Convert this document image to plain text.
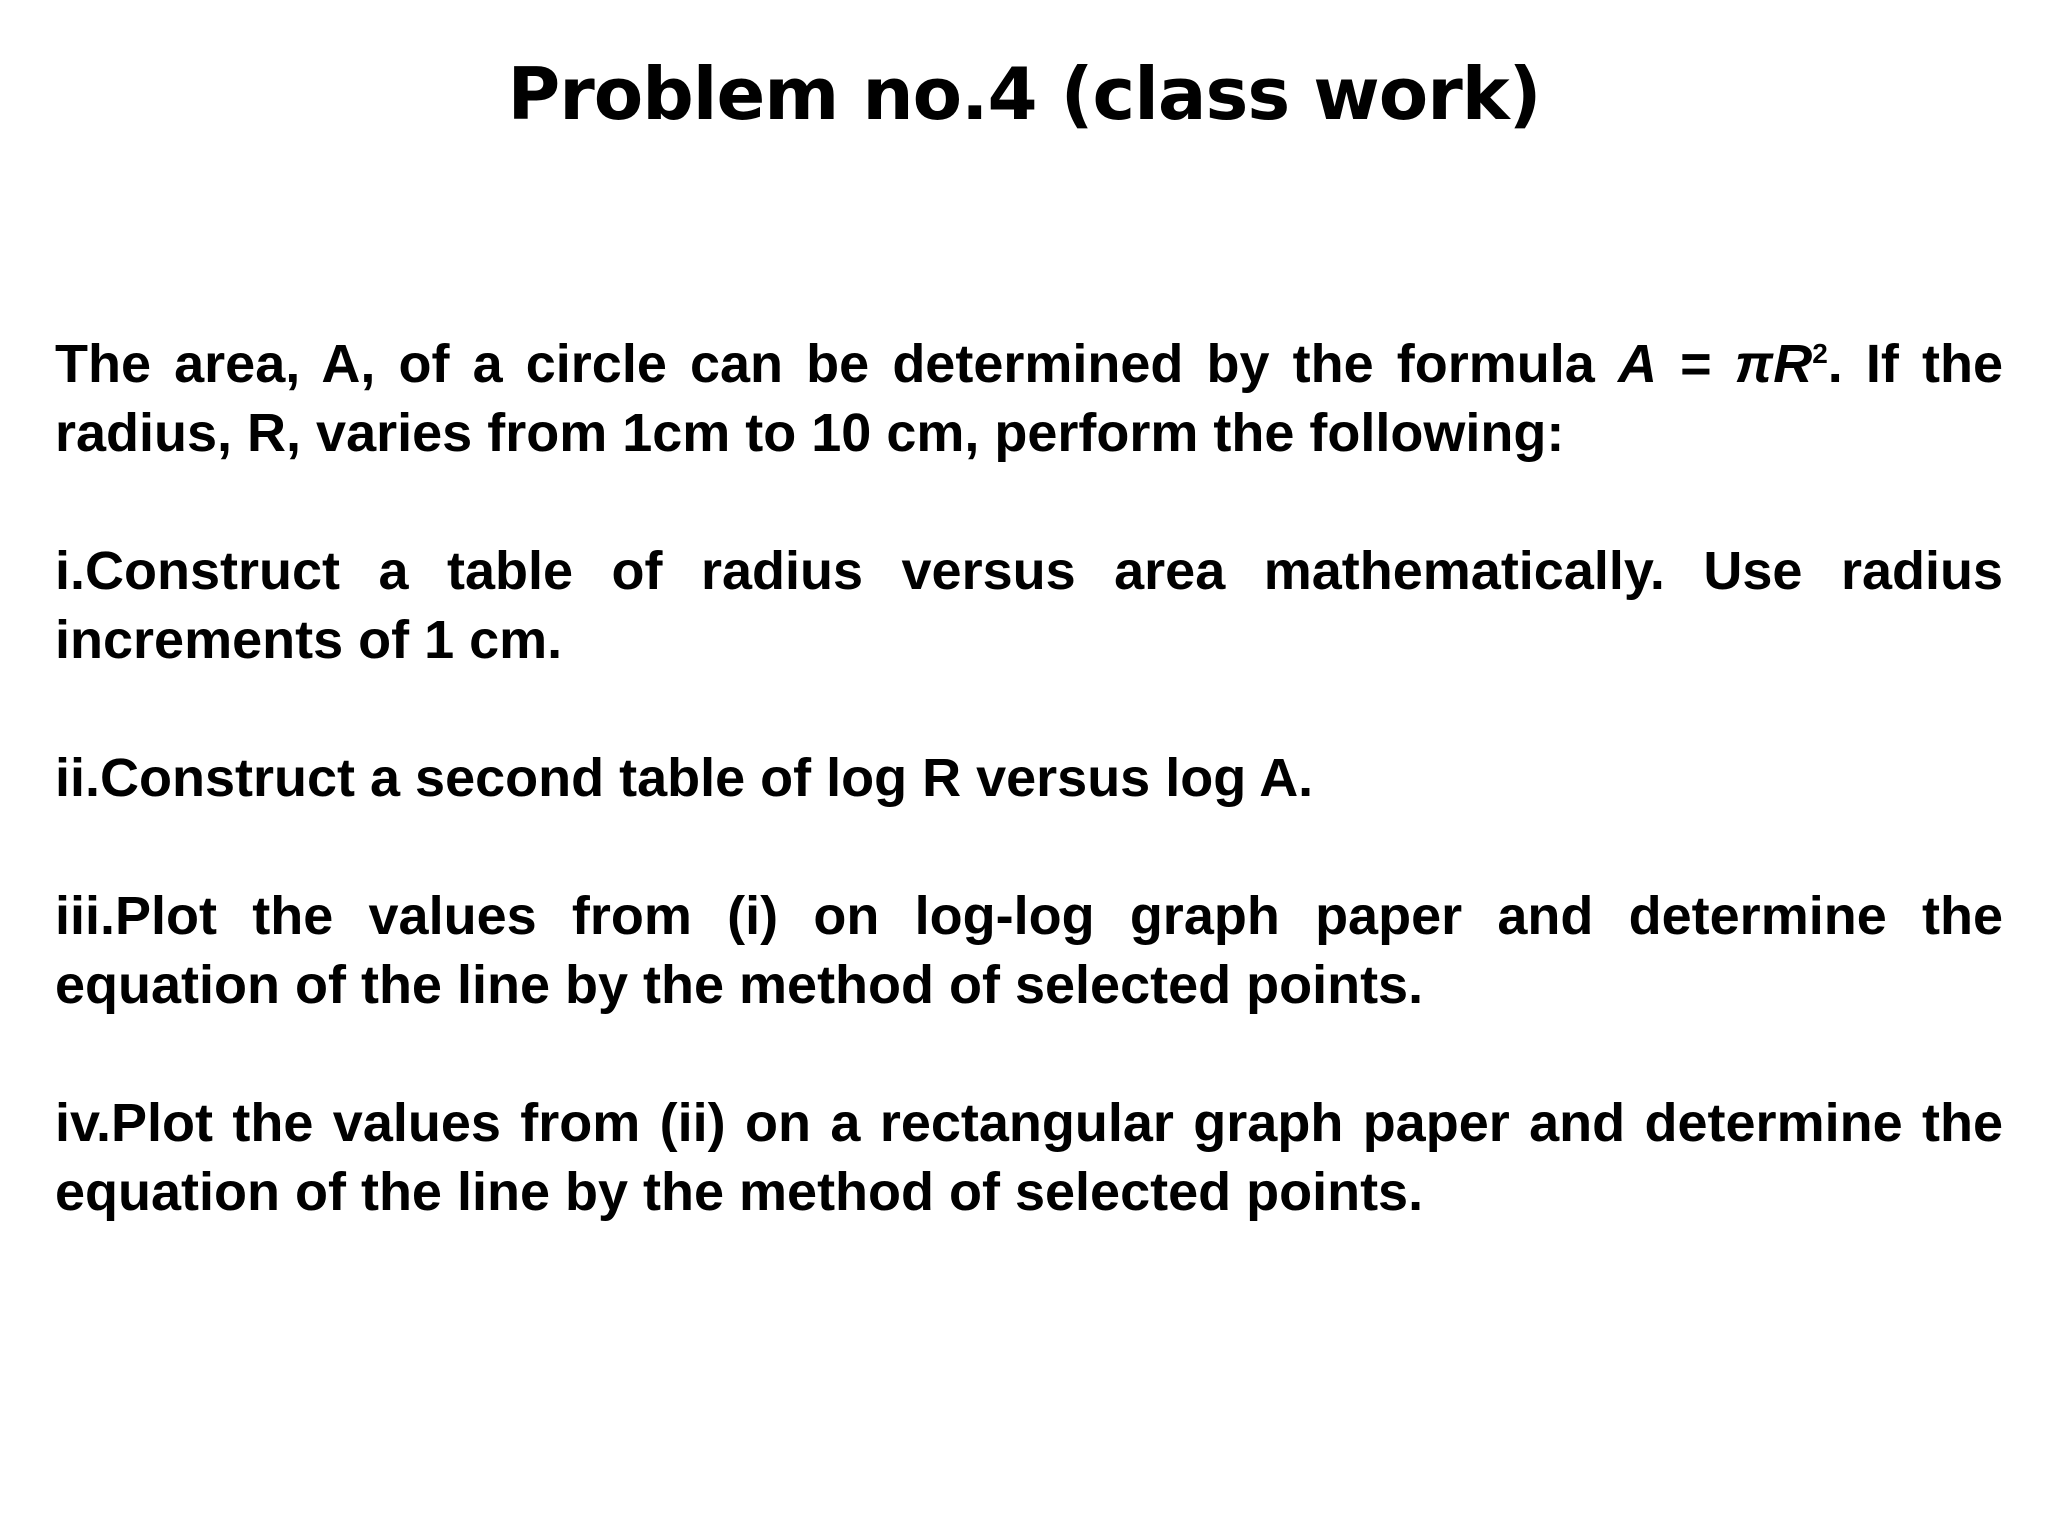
Problem no.4 (class work)

The area, A, of a circle can be determined by the formula $A = \pi R^2$. If the radius, R, varies from 1cm to 10 cm, perform the following:

i.Construct a table of radius versus area mathematically. Use radius increments of 1 cm.

ii.Construct a second table of log R versus log A.

iii.Plot the values from (i) on log-log graph paper and determine the equation of the line by the method of selected points.

iv.Plot the values from (ii) on a rectangular graph paper and determine the equation of the line by the method of selected points.
